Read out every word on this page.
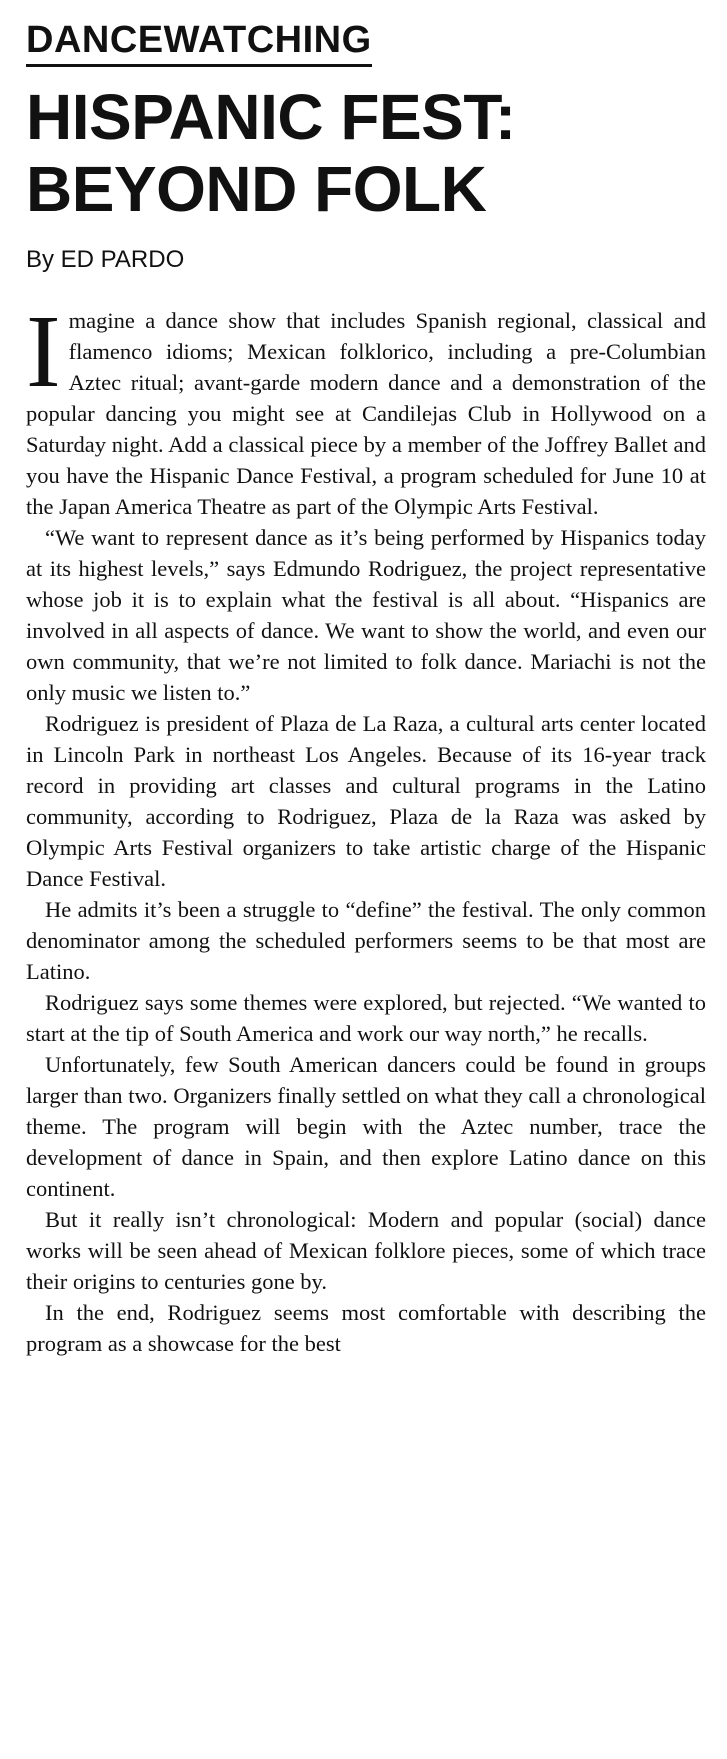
DANCEWATCHING
HISPANIC FEST:
BEYOND FOLK
By ED PARDO

Imagine a dance show that includes Spanish regional, classical and flamenco idioms; Mexican folklorico, including a pre-Columbian Aztec ritual; avant-garde modern dance and a demonstration of the popular dancing you might see at Candilejas Club in Hollywood on a Saturday night. Add a classical piece by a member of the Joffrey Ballet and you have the Hispanic Dance Festival, a program scheduled for June 10 at the Japan America Theatre as part of the Olympic Arts Festival.

“We want to represent dance as it’s being performed by Hispanics today at its highest levels,” says Edmundo Rodriguez, the project representative whose job it is to explain what the festival is all about. “Hispanics are involved in all aspects of dance. We want to show the world, and even our own community, that we’re not limited to folk dance. Mariachi is not the only music we listen to.”

Rodriguez is president of Plaza de La Raza, a cultural arts center located in Lincoln Park in northeast Los Angeles. Because of its 16-year track record in providing art classes and cultural programs in the Latino community, according to Rodriguez, Plaza de la Raza was asked by Olympic Arts Festival organizers to take artistic charge of the Hispanic Dance Festival.

He admits it’s been a struggle to “define” the festival. The only common denominator among the scheduled performers seems to be that most are Latino.

Rodriguez says some themes were explored, but rejected. “We wanted to start at the tip of South America and work our way north,” he recalls.

Unfortunately, few South American dancers could be found in groups larger than two. Organizers finally settled on what they call a chronological theme. The program will begin with the Aztec number, trace the development of dance in Spain, and then explore Latino dance on this continent.

But it really isn’t chronological: Modern and popular (social) dance works will be seen ahead of Mexican folklore pieces, some of which trace their origins to centuries gone by.

In the end, Rodriguez seems most comfortable with describing the program as a showcase for the best
